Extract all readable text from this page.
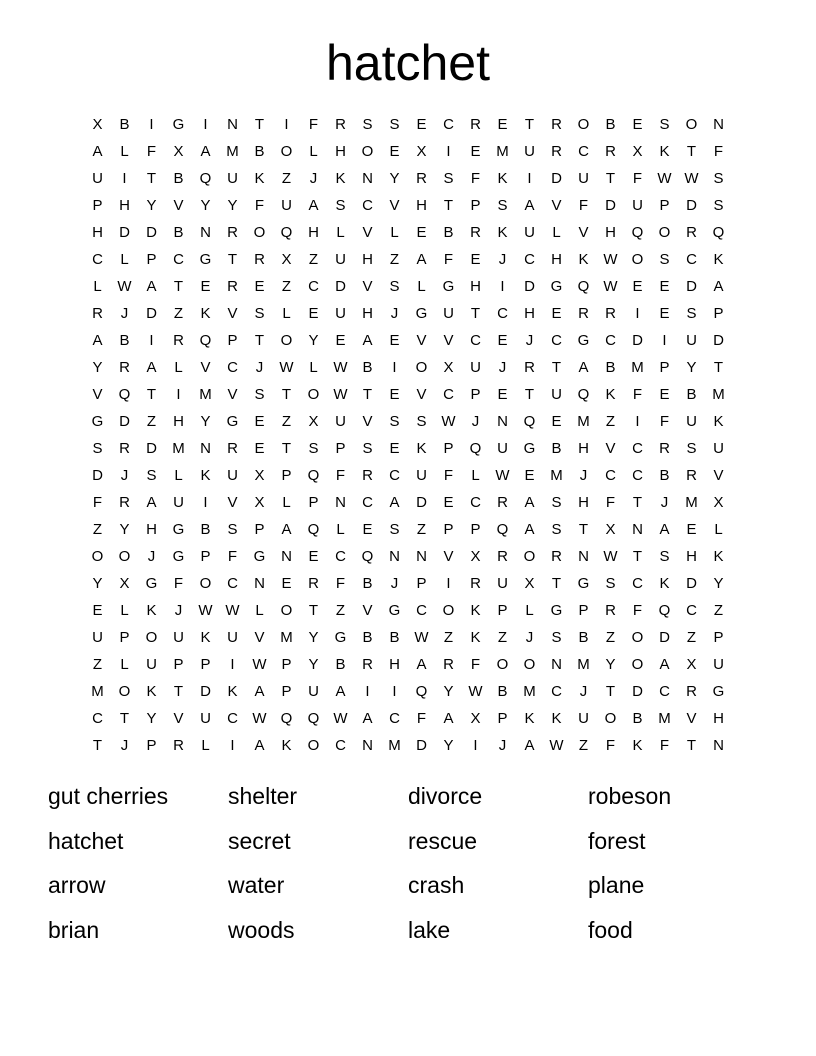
hatchet
X	B	I	G	I	N	T	I	F	R	S	S	E	C	R	E	T	R	O	B	E	S	O	N
A	L	F	X	A	M	B	O	L	H	O	E	X	I	E	M	U	R	C	R	X	K	T	F
U	I	T	B	Q	U	K	Z	J	K	N	Y	R	S	F	K	I	D	U	T	F	W W S
P	H	Y	V	Y	Y	F	U	A	S	C	V	H	T	P	S	A	V	F	D	U	P	D	S
H	D	D	B	N	R	O	Q	H	L	V	L	E	B	R	K	U	L	V	H	Q	O	R	Q
C	L	P	C	G	T	R	X	Z	U	H	Z	A	F	E	J	C	H	K W O	S	C	K
L	W A	T	E	R	E	Z	C	D	V	S	L	G	H	I	D	G	Q W E	E	D	A
R	J	D	Z	K	V	S	L	E	U	H	J	G	U	T	C	H	E	R	R	I	E	S	P
A	B	I	R	Q	P	T	O	Y	E	A	E	V	V	C	E	J	C	G	C	D	I	U	D
Y	R	A	L	V	C	J	W	L	W B	I	O	X	U	J	R	T	A	B	M	P	Y	T
V	Q	T	I	M	V	S	T	O W	T	E	V	C	P	E	T	U	Q	K	F	E	B	M
G	D	Z	H	Y	G	E	Z	X	U	V	S	S W	J	N	Q	E	M	Z	I	F	U	K
S	R	D	M	N	R	E	T	S	P	S	E	K	P	Q	U	G	B	H	V	C	R	S	U
D	J	S	L	K	U	X	P	Q	F	R	C	U	F	L	W E	M	J	C	C	B	R	V
F	R	A	U	I	V	X	L	P	N	C	A	D	E	C	R	A	S	H	F	T	J	M	X
Z	Y	H	G	B	S	P	A	Q	L	E	S	Z	P	P	Q	A	S	T	X	N	A	E	L
O	O	J	G	P	F	G	N	E	C	Q	N	N	V	X	R	O	R	N W	T	S	H	K
Y	X	G	F	O	C	N	E	R	F	B	J	P	I	R	U	X	T	G	S	C	K	D	Y
E	L	K	J	W W	L	O	T	Z	V	G	C	O	K	P	L	G	P	R	F	Q	C	Z
U	P	O	U	K	U	V	M	Y	G	B	B W	Z	K	Z	J	S	B	Z	O	D	Z	P
Z	L	U	P	P	I	W P	Y	B	R	H	A	R	F	O	O	N	M	Y	O	A	X	U
M O	K	T	D	K	A	P	U	A	I	I	Q	Y W B	M	C	J	T	D	C	R	G
C	T	Y	V	U	C W Q	Q W A	C	F	A	X	P	K	K	U	O	B	M	V	H
T	J	P	R	L	I	A	K	O	C	N	M	D	Y	I	J	A W	Z	F	K	F	T	N
gut cherries	shelter	divorce	robeson
hatchet	secret	rescue	forest
arrow	water	crash	plane
brian	woods	lake	food
